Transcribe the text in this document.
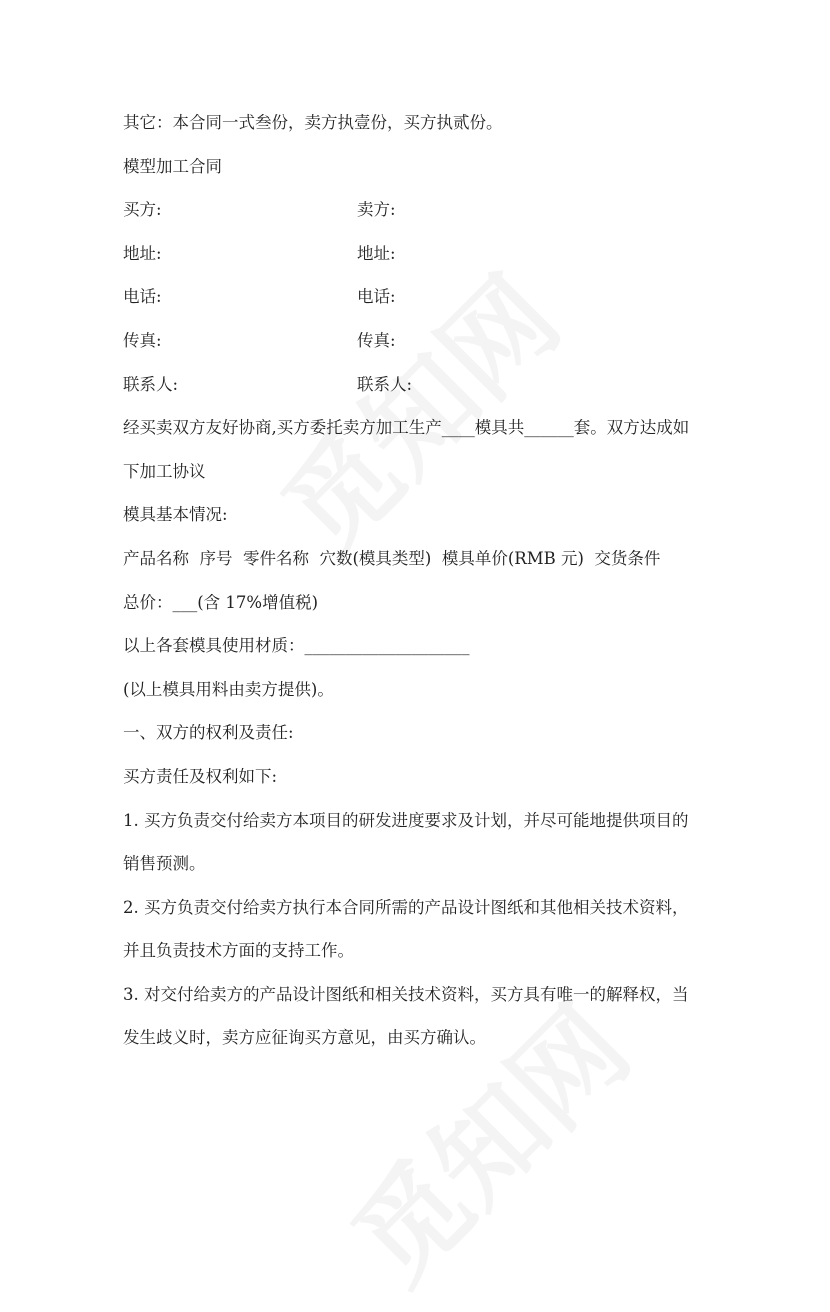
其它：本合同一式叁份，卖方执壹份，买方执贰份。
模型加工合同
买方:	卖方:
地址:	地址:
电话:	电话:
传真:	传真:
联系人:	联系人:
经买卖双方友好协商,买方委托卖方加工生产____模具共______套。双方达成如
下加工协议
模具基本情况:
产品名称  序号  零件名称  穴数(模具类型)  模具单价(RMB 元)  交货条件
总价：___(含 17%增值税)
以上各套模具使用材质：____________________
(以上模具用料由卖方提供)。
一、双方的权利及责任:
买方责任及权利如下:
1. 买方负责交付给卖方本项目的研发进度要求及计划，并尽可能地提供项目的
销售预测。
2. 买方负责交付给卖方执行本合同所需的产品设计图纸和其他相关技术资料，
并且负责技术方面的支持工作。
3. 对交付给卖方的产品设计图纸和相关技术资料，买方具有唯一的解释权，当
发生歧义时，卖方应征询买方意见，由买方确认。
